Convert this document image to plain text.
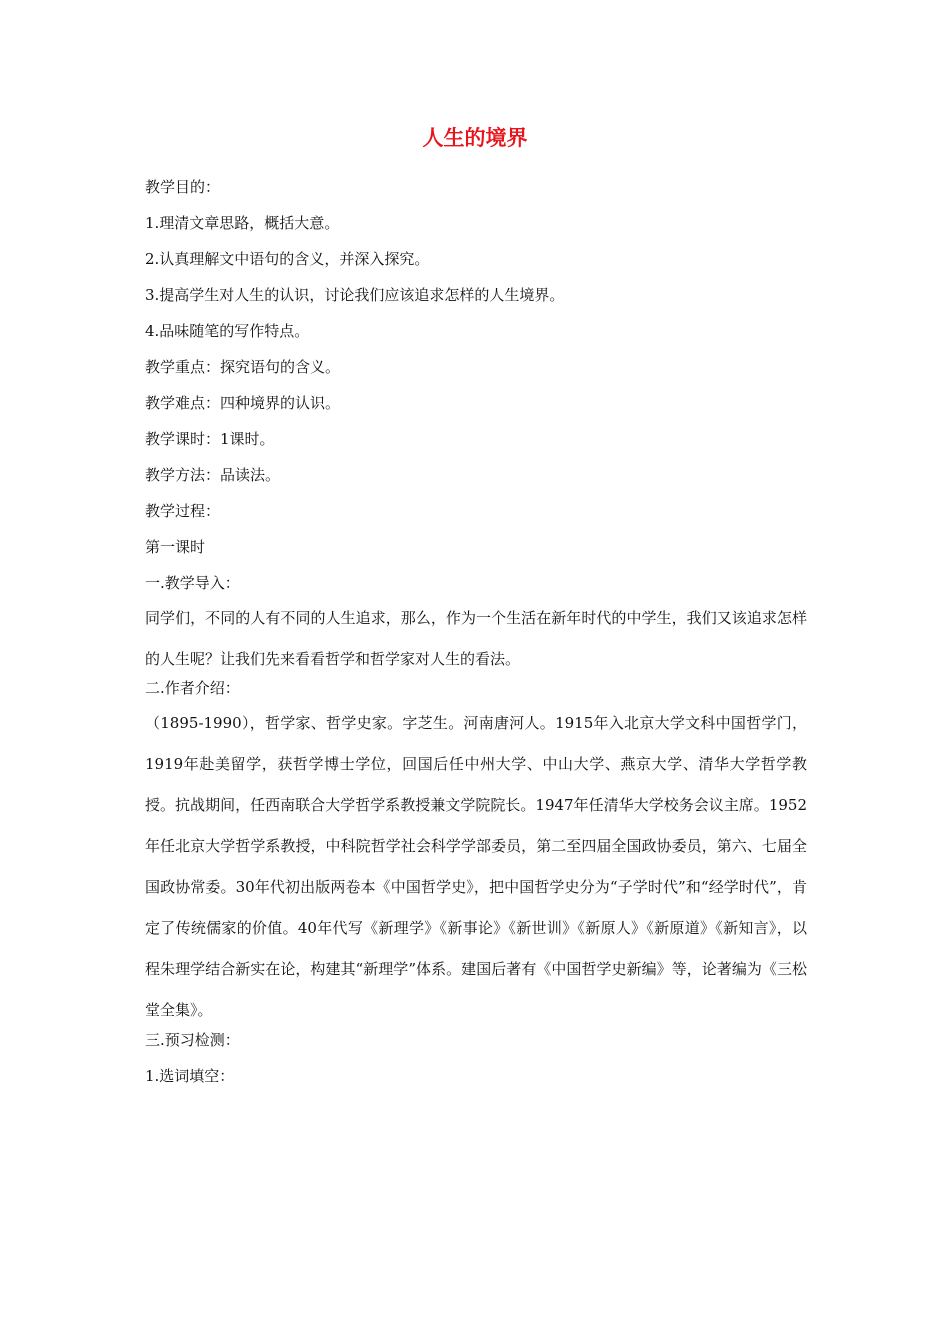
人生的境界
教学目的：
1.理清文章思路，概括大意。
2.认真理解文中语句的含义，并深入探究。
3.提高学生对人生的认识，讨论我们应该追求怎样的人生境界。
4.品味随笔的写作特点。
教学重点：探究语句的含义。
教学难点：四种境界的认识。
教学课时：1课时。
教学方法：品读法。
教学过程：
第一课时
一.教学导入：
同学们，不同的人有不同的人生追求，那么，作为一个生活在新年时代的中学生，我们又该追求怎样的人生呢？让我们先来看看哲学和哲学家对人生的看法。
二.作者介绍：
（1895-1990），哲学家、哲学史家。字芝生。河南唐河人。1915年入北京大学文科中国哲学门，1919年赴美留学，获哲学博士学位，回国后任中州大学、中山大学、燕京大学、清华大学哲学教授。抗战期间，任西南联合大学哲学系教授兼文学院院长。1947年任清华大学校务会议主席。1952年任北京大学哲学系教授，中科院哲学社会科学学部委员，第二至四届全国政协委员，第六、七届全国政协常委。30年代初出版两卷本《中国哲学史》，把中国哲学史分为“子学时代”和“经学时代”，肯定了传统儒家的价值。40年代写《新理学》《新事论》《新世训》《新原人》《新原道》《新知言》，以程朱理学结合新实在论，构建其“新理学”体系。建国后著有《中国哲学史新编》等，论著编为《三松堂全集》。
三.预习检测：
1.选词填空：
